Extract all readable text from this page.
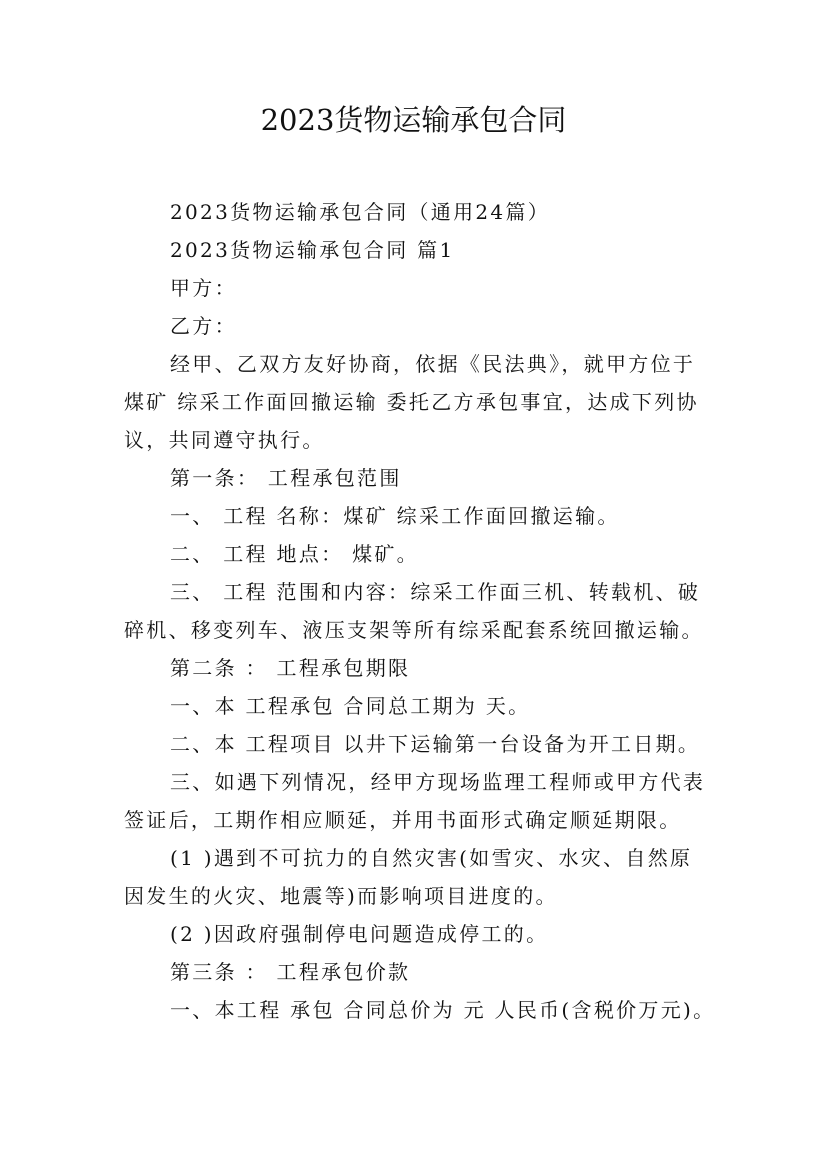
2023货物运输承包合同
2023货物运输承包合同（通用24篇）
2023货物运输承包合同 篇1
甲方：
乙方：
经甲、乙双方友好协商，依据《民法典》，就甲方位于
煤矿 综采工作面回撤运输 委托乙方承包事宜，达成下列协
议，共同遵守执行。
第一条： 工程承包范围
一、 工程 名称：煤矿 综采工作面回撤运输。
二、 工程 地点： 煤矿。
三、 工程 范围和内容：综采工作面三机、转载机、破
碎机、移变列车、液压支架等所有综采配套系统回撤运输。
第二条 ： 工程承包期限
一、本 工程承包 合同总工期为 天。
二、本 工程项目 以井下运输第一台设备为开工日期。
三、如遇下列情况，经甲方现场监理工程师或甲方代表
签证后，工期作相应顺延，并用书面形式确定顺延期限。
(1 )遇到不可抗力的自然灾害(如雪灾、水灾、自然原
因发生的火灾、地震等)而影响项目进度的。
(2 )因政府强制停电问题造成停工的。
第三条 ： 工程承包价款
一、本工程 承包 合同总价为 元 人民币(含税价万元)。
